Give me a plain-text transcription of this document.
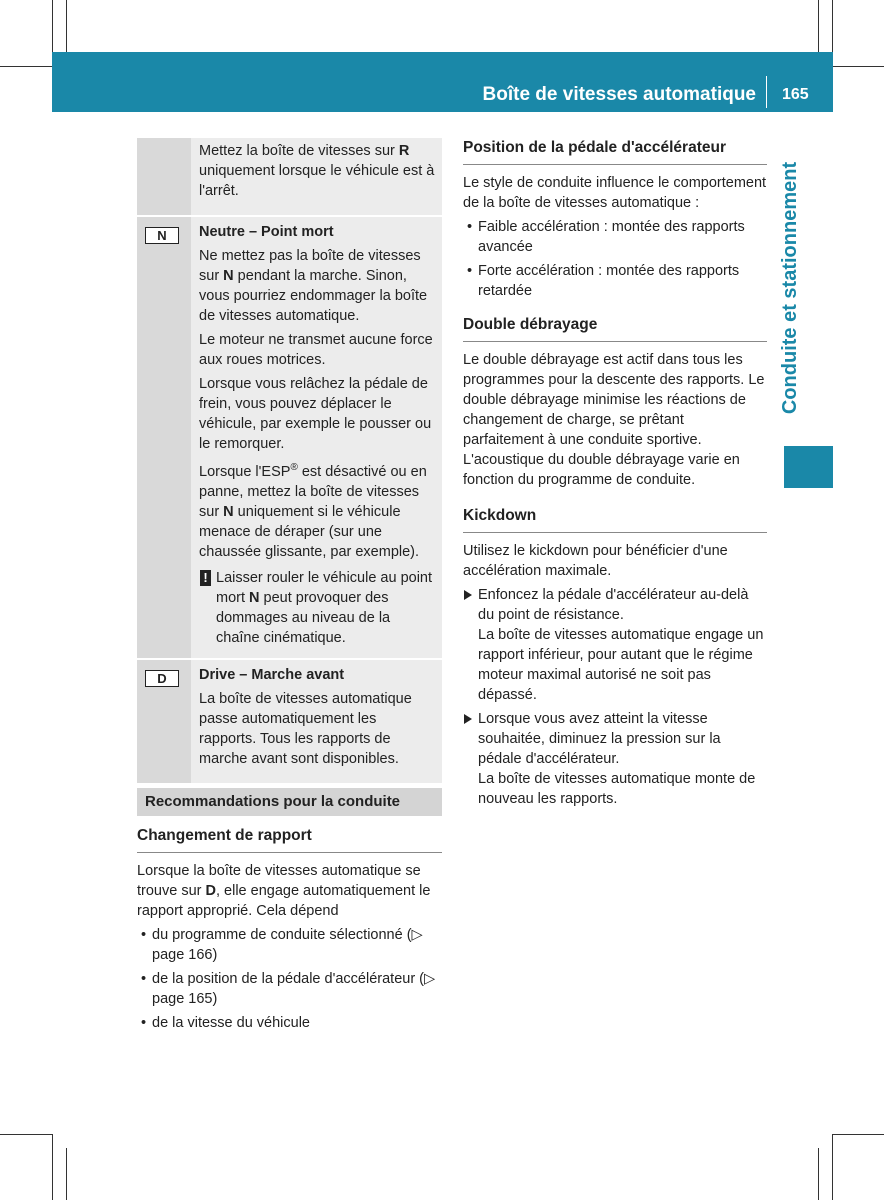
Boîte de vitesses automatique 165
Conduite et stationnement

Mettez la boîte de vitesses sur R uniquement lorsque le véhicule est à l'arrêt.

N	Neutre – Point mort

Ne mettez pas la boîte de vitesses sur N pendant la marche. Sinon, vous pourriez endommager la boîte de vitesses automatique.

Le moteur ne transmet aucune force aux roues motrices.

Lorsque vous relâchez la pédale de frein, vous pouvez déplacer le véhicule, par exemple le pousser ou le remorquer.

Lorsque l'ESP® est désactivé ou en panne, mettez la boîte de vitesses sur N uniquement si le véhicule menace de déraper (sur une chaussée glissante, par exemple).

! Laisser rouler le véhicule au point mort N peut provoquer des dommages au niveau de la chaîne cinématique.
D	Drive – Marche avant

La boîte de vitesses automatique passe automatiquement les rapports. Tous les rapports de marche avant sont disponibles.

Recommandations pour la conduite
Changement de rapport

Lorsque la boîte de vitesses automatique se trouve sur D, elle engage automatiquement le rapport approprié. Cela dépend

• du programme de conduite sélectionné (▷ page 166)
• de la position de la pédale d'accélérateur (▷ page 165)
• de la vitesse du véhicule
Position de la pédale d'accélérateur

Le style de conduite influence le comportement de la boîte de vitesses automatique :

• Faible accélération : montée des rapports avancée
• Forte accélération : montée des rapports retardée
Double débrayage

Le double débrayage est actif dans tous les programmes pour la descente des rapports. Le double débrayage minimise les réactions de changement de charge, se prêtant parfaitement à une conduite sportive. L'acoustique du double débrayage varie en fonction du programme de conduite.

Kickdown

Utilisez le kickdown pour bénéficier d'une accélération maximale.

Enfoncez la pédale d'accélérateur au-delà du point de résistance.
La boîte de vitesses automatique engage un rapport inférieur, pour autant que le régime moteur maximal autorisé ne soit pas dépassé.
Lorsque vous avez atteint la vitesse souhaitée, diminuez la pression sur la pédale d'accélérateur.
La boîte de vitesses automatique monte de nouveau les rapports.
